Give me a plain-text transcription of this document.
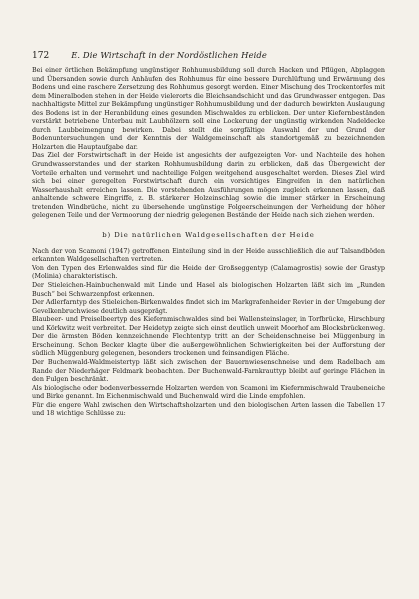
172	E. Die Wirtschaft in der Nordöstlichen Heide

Bei einer örtlichen Bekämpfung ungünstiger Rohhumusbildung soll durch Hacken und Pflügen, Abplaggen und Übersanden sowie durch Anhäufen des Rohhumus für eine bessere Durchlüftung und Erwärmung des Bodens und eine raschere Zersetzung des Rohhumus gesorgt werden. Einer Mischung des Trockentorfes mit dem Mineralboden stehen in der Heide vielerorts die Bleichsandschicht und das Grundwasser entgegen. Das nachhaltigste Mittel zur Bekämpfung ungünstiger Rohhumusbildung und der dadurch bewirkten Auslaugung des Bodens ist in der Heranbildung eines gesunden Mischwaldes zu erblicken. Der unter Kiefernbeständen verstärkt betriebene Unterbau mit Laubhölzern soll eine Lockerung der ungünstig wirkenden Nadeldecke durch Laubbeimengung bewirken. Dabei stellt die sorgfältige Auswahl der und Grund der Bodenuntersuchungen und der Kenntnis der Waldgemeinschaft als standortgemäß zu bezeichnenden Holzarten die Hauptaufgabe dar.

Das Ziel der Forstwirtschaft in der Heide ist angesichts der aufgezeigten Vor- und Nachteile des hohen Grundwasserstandes und der starken Rohhumusbildung darin zu erblicken, daß das Übergewicht der Vorteile erhalten und vermehrt und nachteilige Folgen weitgehend ausgeschaltet werden. Dieses Ziel wird sich bei einer geregelten Forstwirtschaft durch ein vorsichtiges Eingreifen in den natürlichen Wasserhaushalt erreichen lassen. Die vorstehenden Ausführungen mögen zugleich erkennen lassen, daß anhaltende schwere Eingriffe, z. B. stärkerer Holzeinschlag sowie die immer stärker in Erscheinung tretenden Windbrüche, nicht zu übersehende ungünstige Folgeerscheinungen der Verheidung der höher gelegenen Teile und der Vermoorung der niedrig gelegenen Bestände der Heide nach sich ziehen werden.

b) Die natürlichen Waldgesellschaften der Heide

Nach der von Scamoni (1947) getroffenen Einteilung sind in der Heide ausschließlich die auf Talsandböden erkannten Waldgesellschaften vertreten.

Von den Typen des Erlenwaldes sind für die Heide der Großseggentyp (Calamagrostis) sowie der Grastyp (Molinia) charakteristisch.

Der Stieleichen-Hainbuchenwald mit Linde und Hasel als biologischen Holzarten läßt sich im „Runden Busch“ bei Schwarzenpfost erkennen.

Der Adlerfarntyp des Stieleichen-Birkenwaldes findet sich im Markgrafenheider Revier in der Umgebung der Gevelkenbruchwiese deutlich ausgeprägt.

Blaubeer- und Preiselbeertyp des Kiefernmischwaldes sind bei Wallensteinslager, in Torfbrücke, Hirschburg und Körkwitz weit verbreitet. Der Heidetyp zeigte sich einst deutlich unweit Moorhof am Blocksbrückenweg. Der die ärmsten Böden kennzeichnende Flechtentyp tritt an der Scheidenschneise bei Müggenburg in Erscheinung. Schon Becker klagte über die außergewöhnlichen Schwierigkeiten bei der Aufforstung der südlich Müggenburg gelegenen, besonders trockenen und feinsandigen Fläche.

Der Buchenwald-Waldmeistertyp läßt sich zwischen der Bauernwiesenschneise und dem Radelbach am Rande der Niederhäger Feldmark beobachten. Der Buchenwald-Farnkrauttyp bleibt auf geringe Flächen in den Fulgen beschränkt.

Als biologische oder bodenverbessernde Holzarten werden von Scamoni im Kiefernmischwald Traubeneiche und Birke genannt. Im Eichenmischwald und Buchenwald wird die Linde empfohlen.

Für die engere Wahl zwischen den Wirtschaftsholzarten und den biologischen Arten lassen die Tabellen 17 und 18 wichtige Schlüsse zu:
